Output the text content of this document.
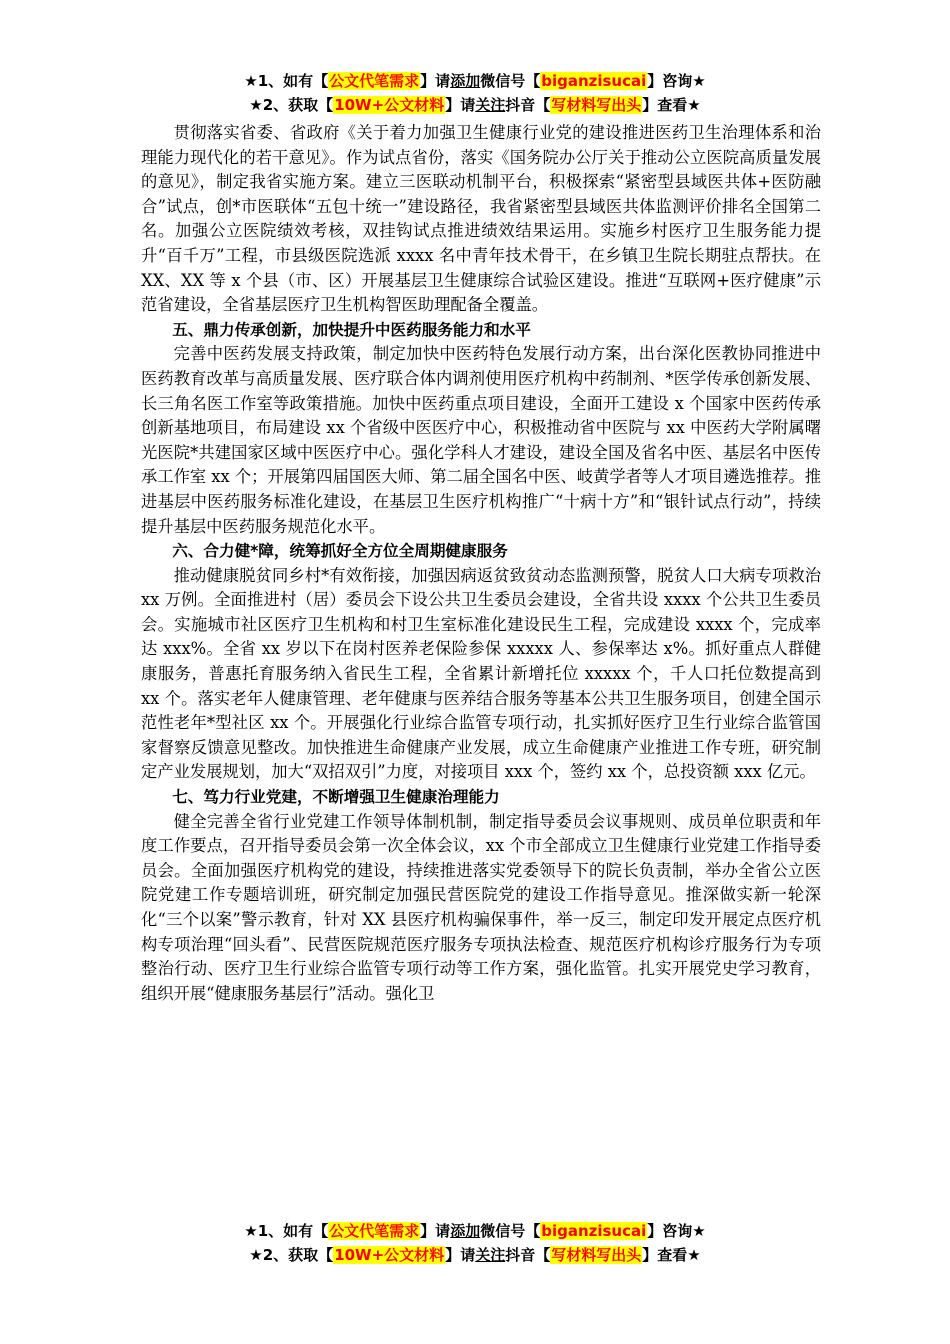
★1、如有【公文代笔需求】请添加微信号【biganzisucai】咨询★
★2、获取【10W+公文材料】请关注抖音【写材料写出头】查看★

贯彻落实省委、省政府《关于着力加强卫生健康行业党的建设推进医药卫生治理体系和治理能力现代化的若干意见》。作为试点省份，落实《国务院办公厅关于推动公立医院高质量发展的意见》，制定我省实施方案。建立三医联动机制平台，积极探索“紧密型县域医共体+医防融合”试点，创*市医联体“五包十统一”建设路径，我省紧密型县域医共体监测评价排名全国第二名。加强公立医院绩效考核，双挂钩试点推进绩效结果运用。实施乡村医疗卫生服务能力提升“百千万”工程，市县级医院选派 xxxx 名中青年技术骨干，在乡镇卫生院长期驻点帮扶。在 XX、XX 等 x 个县（市、区）开展基层卫生健康综合试验区建设。推进“互联网+医疗健康”示范省建设，全省基层医疗卫生机构智医助理配备全覆盖。

五、鼎力传承创新，加快提升中医药服务能力和水平

完善中医药发展支持政策，制定加快中医药特色发展行动方案，出台深化医教协同推进中医药教育改革与高质量发展、医疗联合体内调剂使用医疗机构中药制剂、*医学传承创新发展、长三角名医工作室等政策措施。加快中医药重点项目建设，全面开工建设 x 个国家中医药传承创新基地项目，布局建设 xx 个省级中医医疗中心，积极推动省中医院与 xx 中医药大学附属曙光医院*共建国家区域中医医疗中心。强化学科人才建设，建设全国及省名中医、基层名中医传承工作室 xx 个；开展第四届国医大师、第二届全国名中医、岐黄学者等人才项目遴选推荐。推进基层中医药服务标准化建设，在基层卫生医疗机构推广“十病十方”和“银针试点行动”，持续提升基层中医药服务规范化水平。

六、合力健*障，统筹抓好全方位全周期健康服务

推动健康脱贫同乡村*有效衔接，加强因病返贫致贫动态监测预警，脱贫人口大病专项救治 xx 万例。全面推进村（居）委员会下设公共卫生委员会建设，全省共设 xxxx 个公共卫生委员会。实施城市社区医疗卫生机构和村卫生室标准化建设民生工程，完成建设 xxxx 个，完成率达 xxx%。全省 xx 岁以下在岗村医养老保险参保 xxxxx 人、参保率达 x%。抓好重点人群健康服务，普惠托育服务纳入省民生工程，全省累计新增托位 xxxxx 个，千人口托位数提高到 xx 个。落实老年人健康管理、老年健康与医养结合服务等基本公共卫生服务项目，创建全国示范性老年*型社区 xx 个。开展强化行业综合监管专项行动，扎实抓好医疗卫生行业综合监管国家督察反馈意见整改。加快推进生命健康产业发展，成立生命健康产业推进工作专班，研究制定产业发展规划，加大“双招双引”力度，对接项目 xxx 个，签约 xx 个，总投资额 xxx 亿元。

七、笃力行业党建，不断增强卫生健康治理能力

健全完善全省行业党建工作领导体制机制，制定指导委员会议事规则、成员单位职责和年度工作要点，召开指导委员会第一次全体会议，xx 个市全部成立卫生健康行业党建工作指导委员会。全面加强医疗机构党的建设，持续推进落实党委领导下的院长负责制，举办全省公立医院党建工作专题培训班，研究制定加强民营医院党的建设工作指导意见。推深做实新一轮深化“三个以案”警示教育，针对 XX 县医疗机构骗保事件，举一反三，制定印发开展定点医疗机构专项治理“回头看”、民营医院规范医疗服务专项执法检查、规范医疗机构诊疗服务行为专项整治行动、医疗卫生行业综合监管专项行动等工作方案，强化监管。扎实开展党史学习教育，组织开展“健康服务基层行”活动。强化卫

★1、如有【公文代笔需求】请添加微信号【biganzisucai】咨询★
★2、获取【10W+公文材料】请关注抖音【写材料写出头】查看★
